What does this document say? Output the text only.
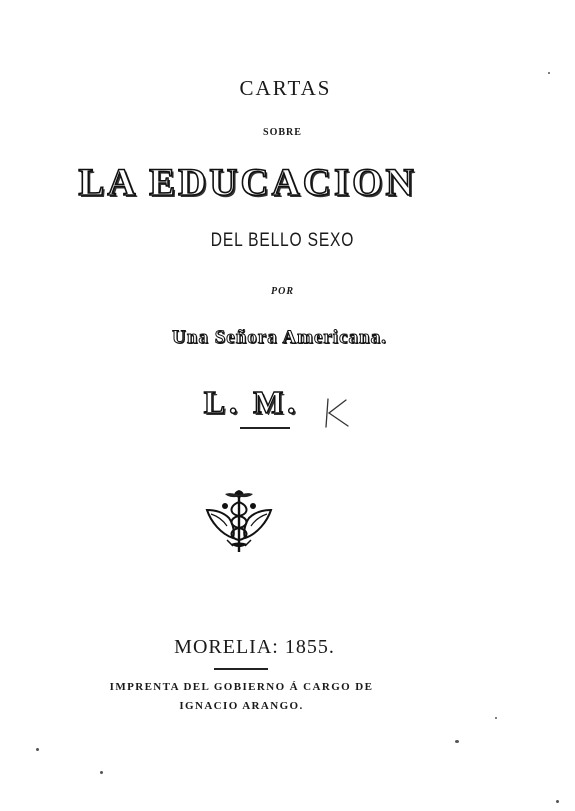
CARTAS
SOBRE
LA EDUCACION
DEL BELLO SEXO
POR
Una Señora Americana.
L. M.
MORELIA: 1855.
IMPRENTA DEL GOBIERNO Á CARGO DE
IGNACIO ARANGO.
